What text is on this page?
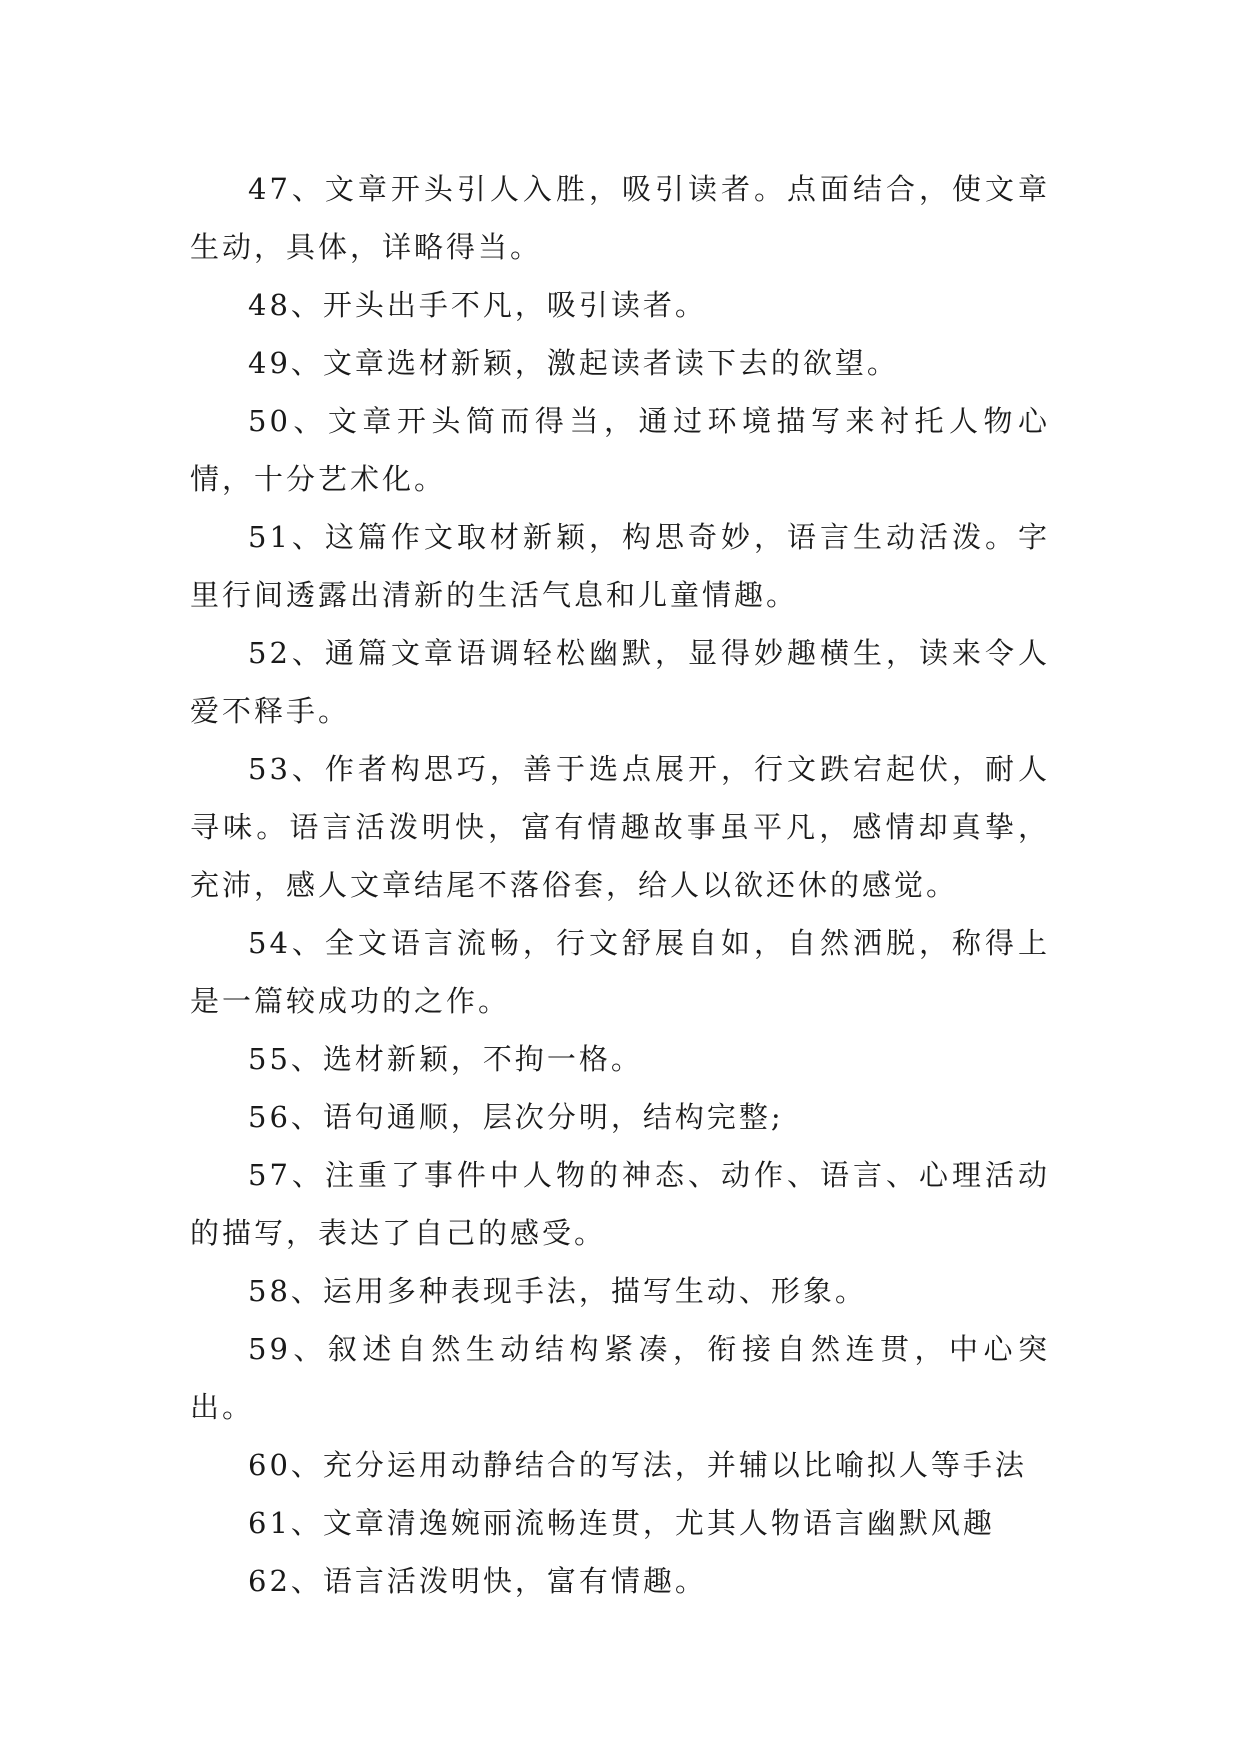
47、文章开头引人入胜，吸引读者。点面结合，使文章生动，具体，详略得当。

48、开头出手不凡，吸引读者。

49、文章选材新颖，激起读者读下去的欲望。

50、文章开头简而得当，通过环境描写来衬托人物心情，十分艺术化。

51、这篇作文取材新颖，构思奇妙，语言生动活泼。字里行间透露出清新的生活气息和儿童情趣。

52、通篇文章语调轻松幽默，显得妙趣横生，读来令人爱不释手。

53、作者构思巧，善于选点展开，行文跌宕起伏，耐人寻味。语言活泼明快，富有情趣故事虽平凡，感情却真挚，充沛，感人文章结尾不落俗套，给人以欲还休的感觉。

54、全文语言流畅，行文舒展自如，自然洒脱，称得上是一篇较成功的之作。

55、选材新颖，不拘一格。

56、语句通顺，层次分明，结构完整;

57、注重了事件中人物的神态、动作、语言、心理活动的描写，表达了自己的感受。

58、运用多种表现手法，描写生动、形象。

59、叙述自然生动结构紧凑，衔接自然连贯，中心突出。

60、充分运用动静结合的写法，并辅以比喻拟人等手法

61、文章清逸婉丽流畅连贯，尤其人物语言幽默风趣

62、语言活泼明快，富有情趣。
